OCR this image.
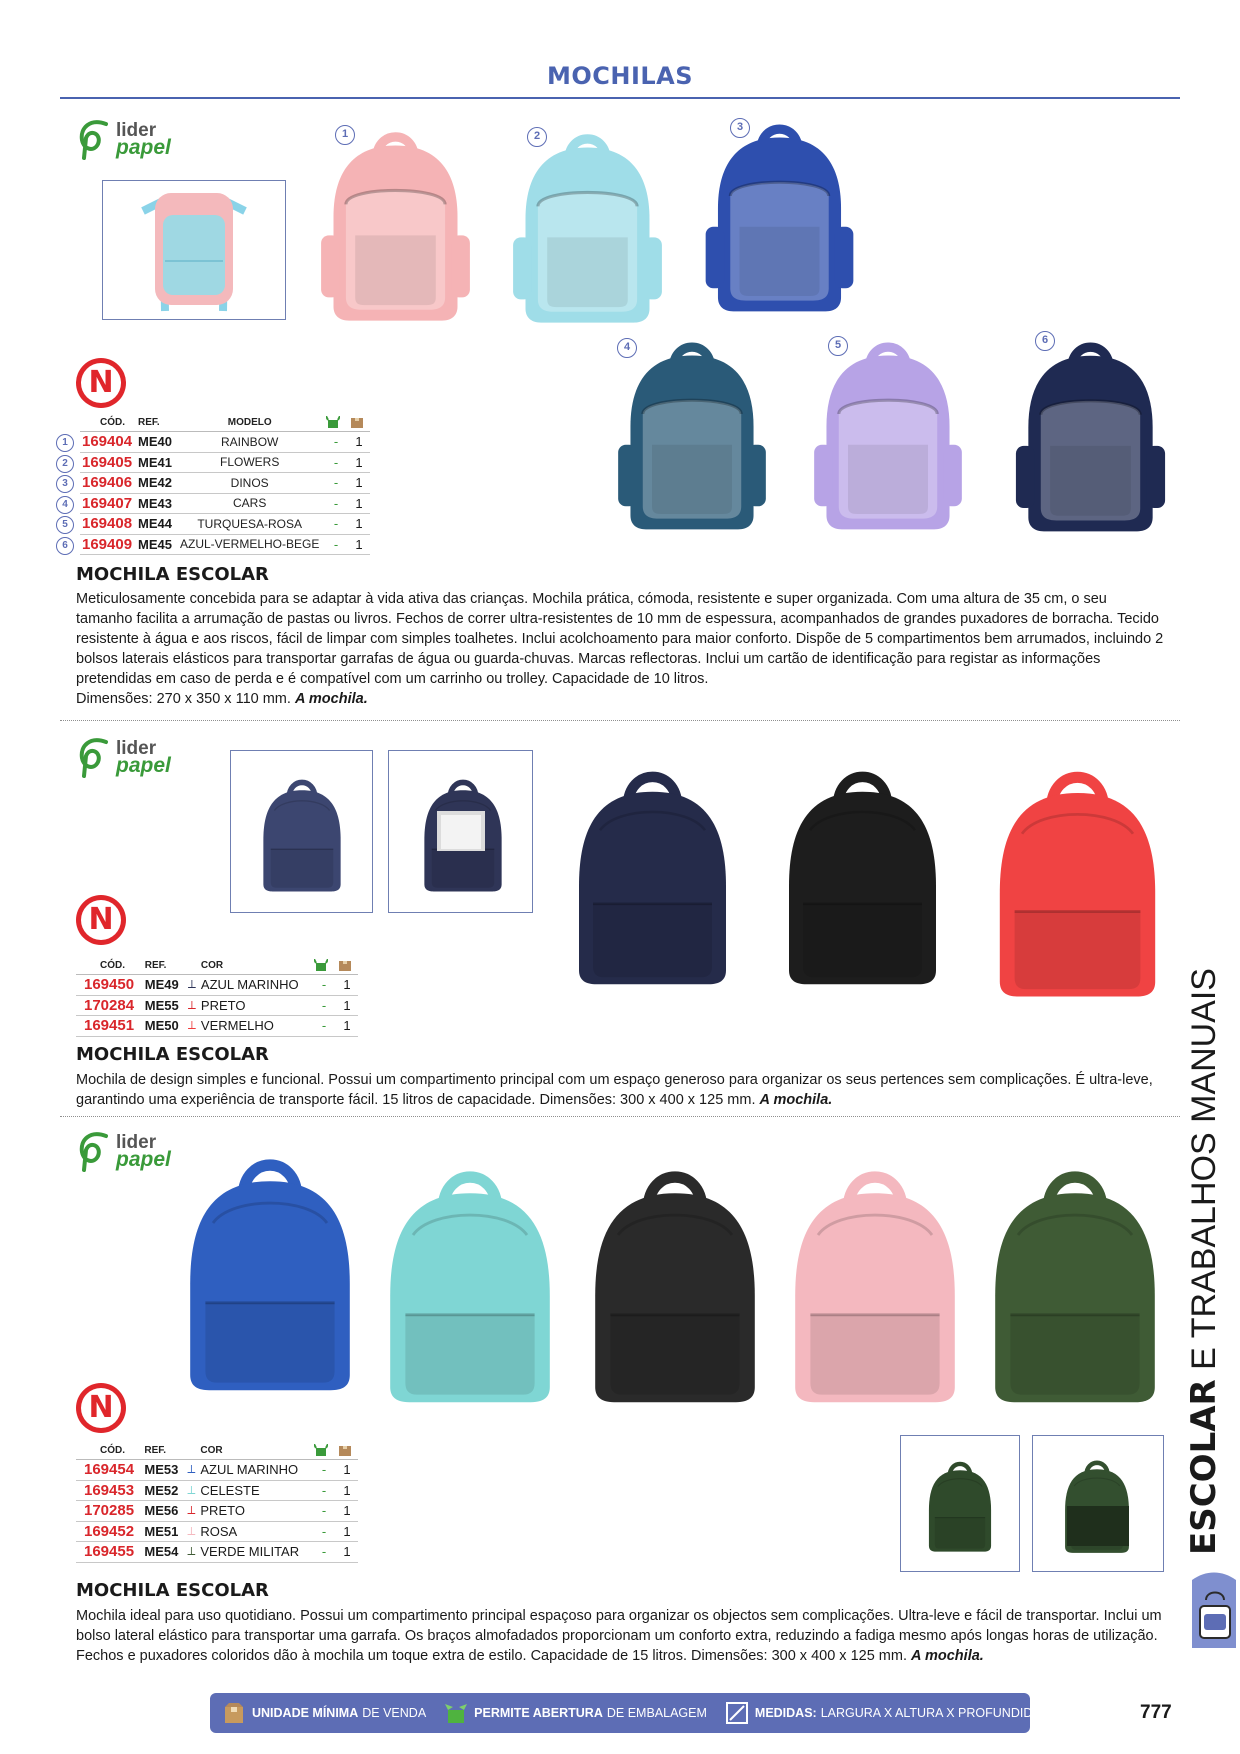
MOCHILAS
lider
papel
1	2
3
4	5	6
N
1
2
3
4
5
6
CÓD.	REF.	MODELO		
169404	ME40	RAINBOW	-	1
169405	ME41	FLOWERS	-	1
169406	ME42	DINOS	-	1
169407	ME43	CARS	-	1
169408	ME44	TURQUESA-ROSA	-	1
169409	ME45	AZUL-VERMELHO-BEGE	-	1
MOCHILA ESCOLAR
Meticulosamente concebida para se adaptar à vida ativa das crianças. Mochila prática, cómoda, resistente e super organizada. Com uma altura de 35 cm, o seu tamanho facilita a arrumação de pastas ou livros. Fechos de correr ultra-resistentes de 10 mm de espessura, acompanhados de grandes puxadores de borracha. Tecido resistente à água e aos riscos, fácil de limpar com simples toalhetes. Inclui acolchoamento para maior conforto. Dispõe de 5 compartimentos bem arrumados, incluindo 2 bolsos laterais elásticos para transportar garrafas de água ou guarda-chuvas. Marcas reflectoras. Inclui um cartão de identificação para registar as informações pretendidas em caso de perda e é compatível com um carrinho ou trolley. Capacidade de 10 litros.
Dimensões: 270 x 350 x 110 mm. A mochila.
lider
papel
N
CÓD.	REF.		COR		
169450	ME49	⟂	AZUL MARINHO	-	1
170284	ME55	⟂	PRETO	-	1
169451	ME50	⟂	VERMELHO	-	1
MOCHILA ESCOLAR
Mochila de design simples e funcional. Possui um compartimento principal com um espaço generoso para organizar os seus pertences sem complicações. É ultra-leve, garantindo uma experiência de transporte fácil. 15 litros de capacidade. Dimensões: 300 x 400 x 125 mm. A mochila.
lider
papel
N
CÓD.	REF.		COR		
169454	ME53	⟂	AZUL MARINHO	-	1
169453	ME52	⟂	CELESTE	-	1
170285	ME56	⟂	PRETO	-	1
169452	ME51	⟂	ROSA	-	1
169455	ME54	⟂	VERDE MILITAR	-	1
MOCHILA ESCOLAR
Mochila ideal para uso quotidiano. Possui um compartimento principal espaçoso para organizar os objectos sem complicações. Ultra-leve e fácil de transportar. Inclui um bolso lateral elástico para transportar uma garrafa. Os braços almofadados proporcionam um conforto extra, reduzindo a fadiga mesmo após longas horas de utilização. Fechos e puxadores coloridos dão à mochila um toque extra de estilo. Capacidade de 15 litros. Dimensões: 300 x 400 x 125 mm. A mochila.
ESCOLAR E TRABALHOS MANUAIS
UNIDADE MÍNIMA DE VENDA	PERMITE ABERTURA DE EMBALAGEM	MEDIDAS: LARGURA X ALTURA X PROFUNDIDADE	777
